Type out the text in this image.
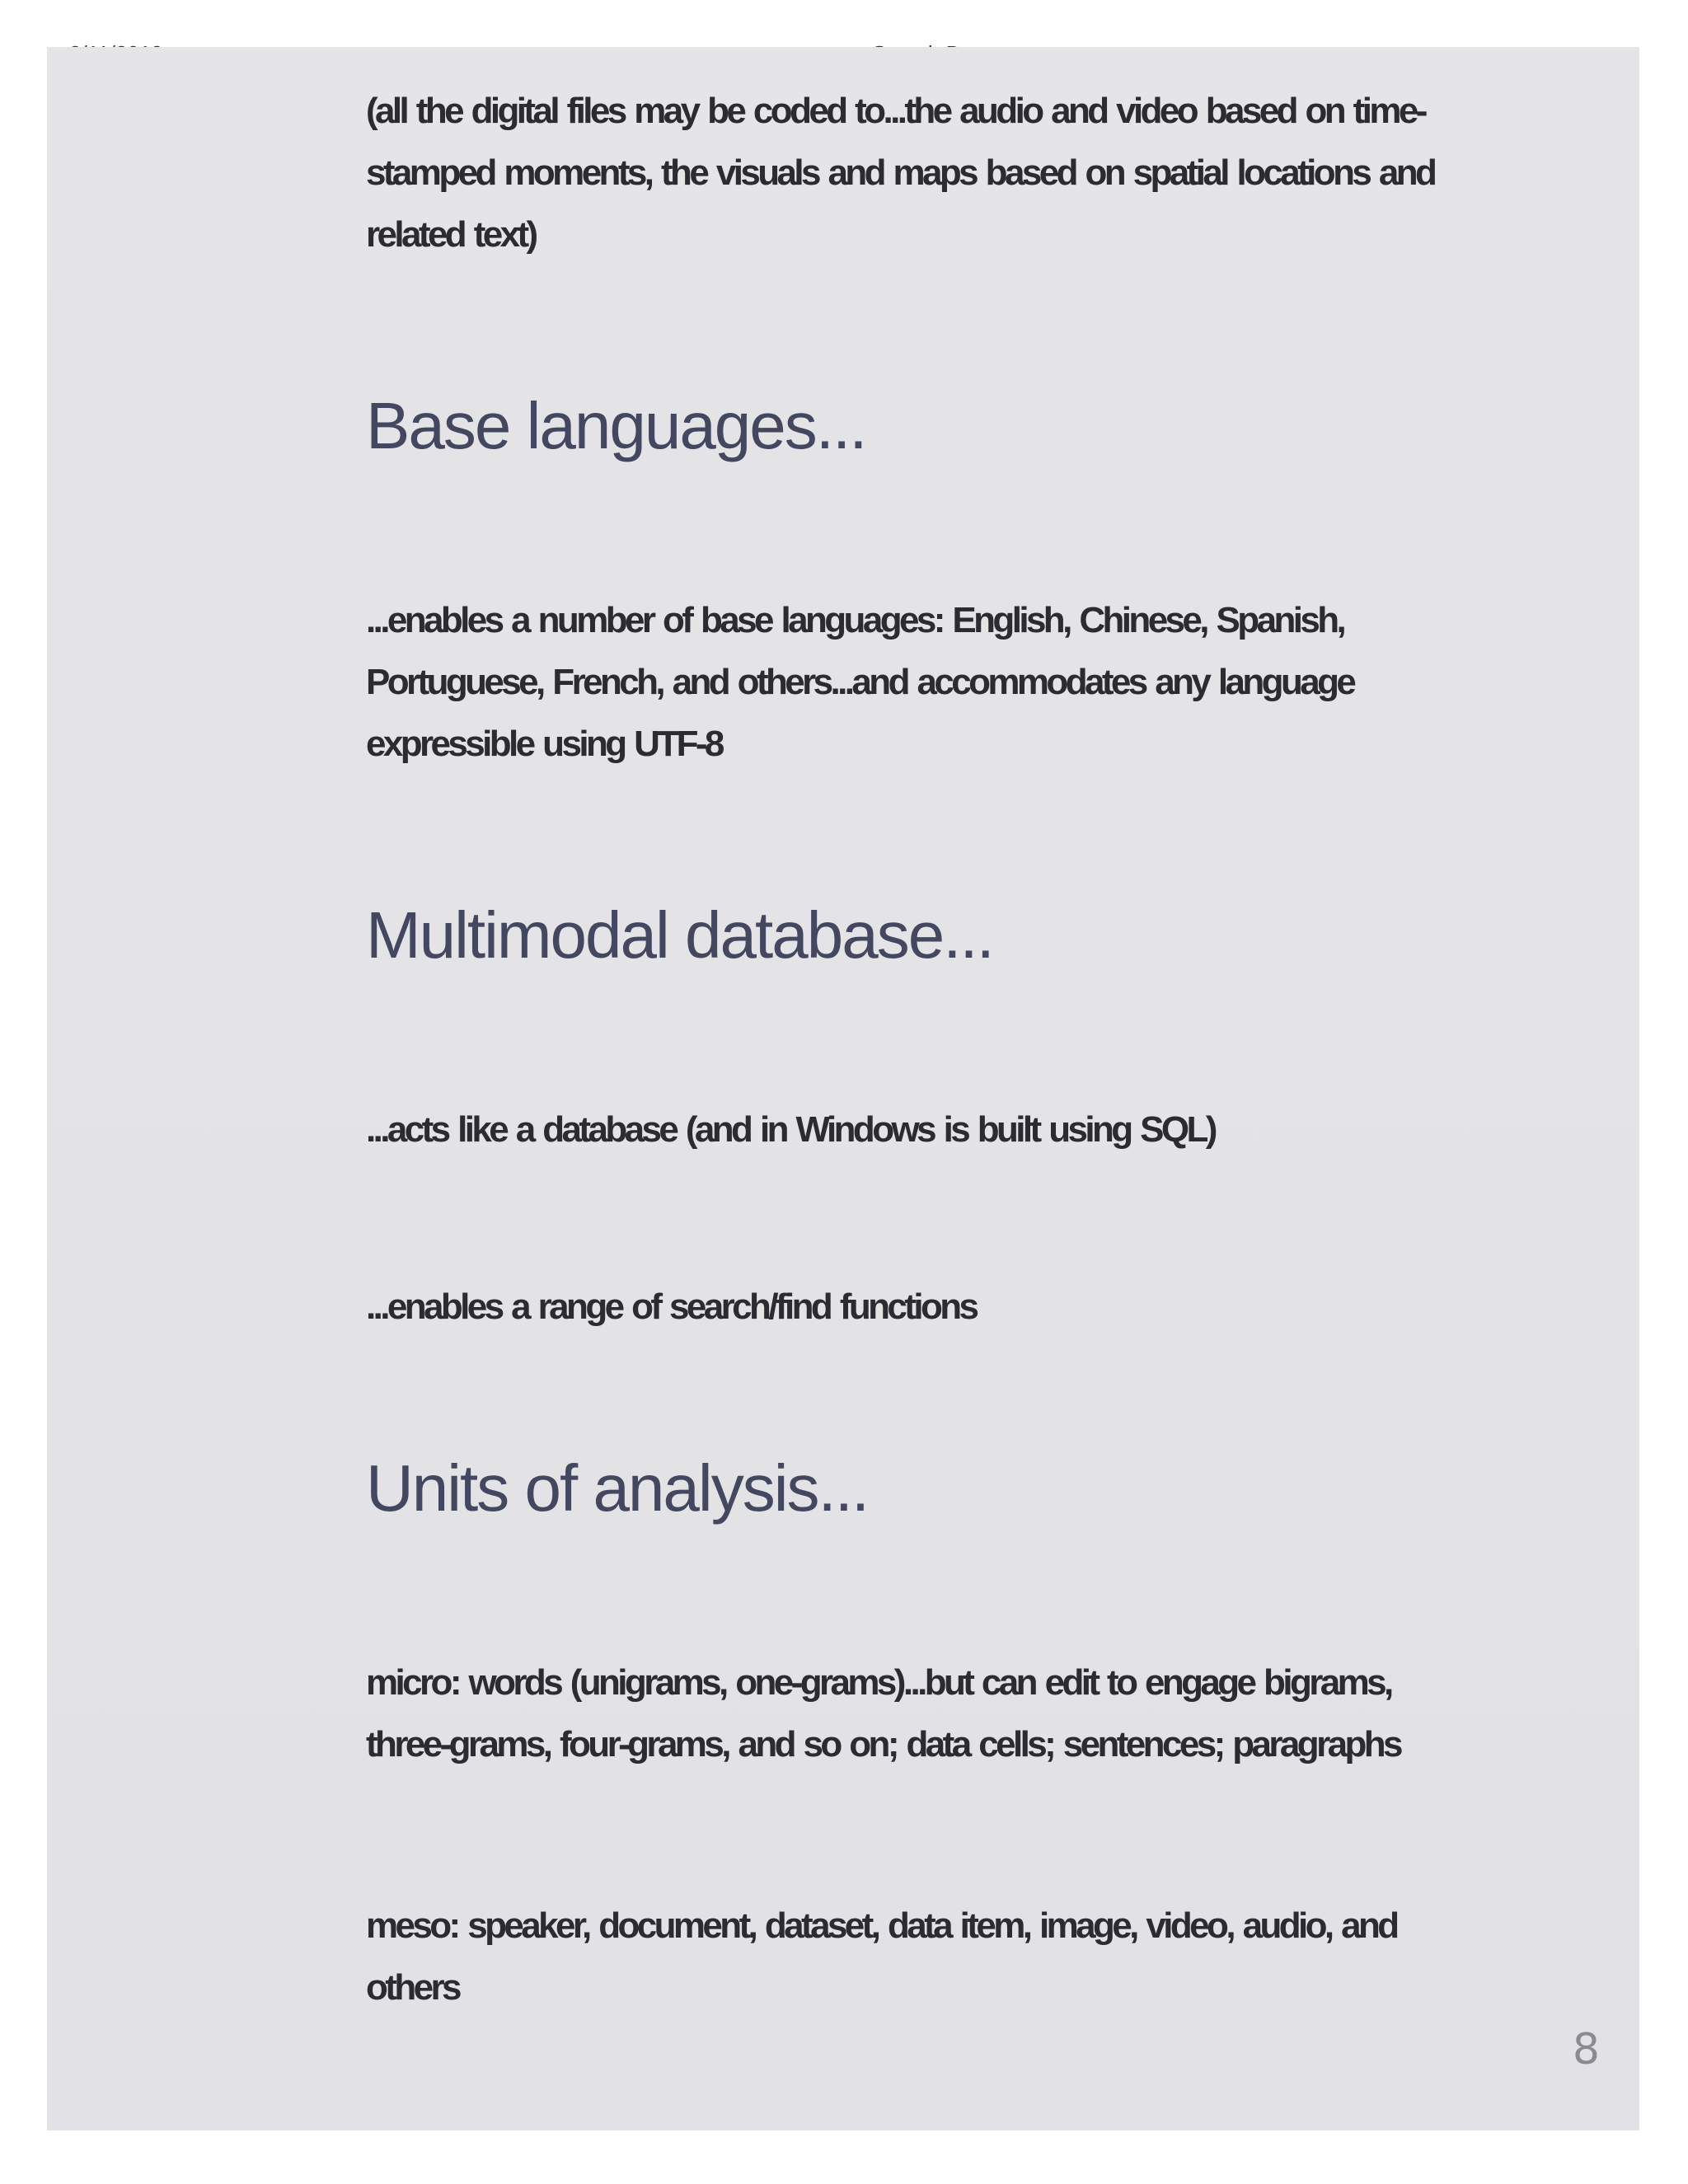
(all the digital files may be coded to...the audio and video based on time-stamped moments, the visuals and maps based on spatial locations and related text)

Base languages...

...enables a number of base languages: English, Chinese, Spanish, Portuguese, French, and others...and accommodates any language expressible using UTF-8

Multimodal database...

...acts like a database (and in Windows is built using SQL)

...enables a range of search/find functions

Units of analysis...

micro: words (unigrams, one-grams)...but can edit to engage bigrams, three-grams, four-grams, and so on; data cells; sentences; paragraphs

meso: speaker, document, dataset, data item, image, video, audio, and others

8
